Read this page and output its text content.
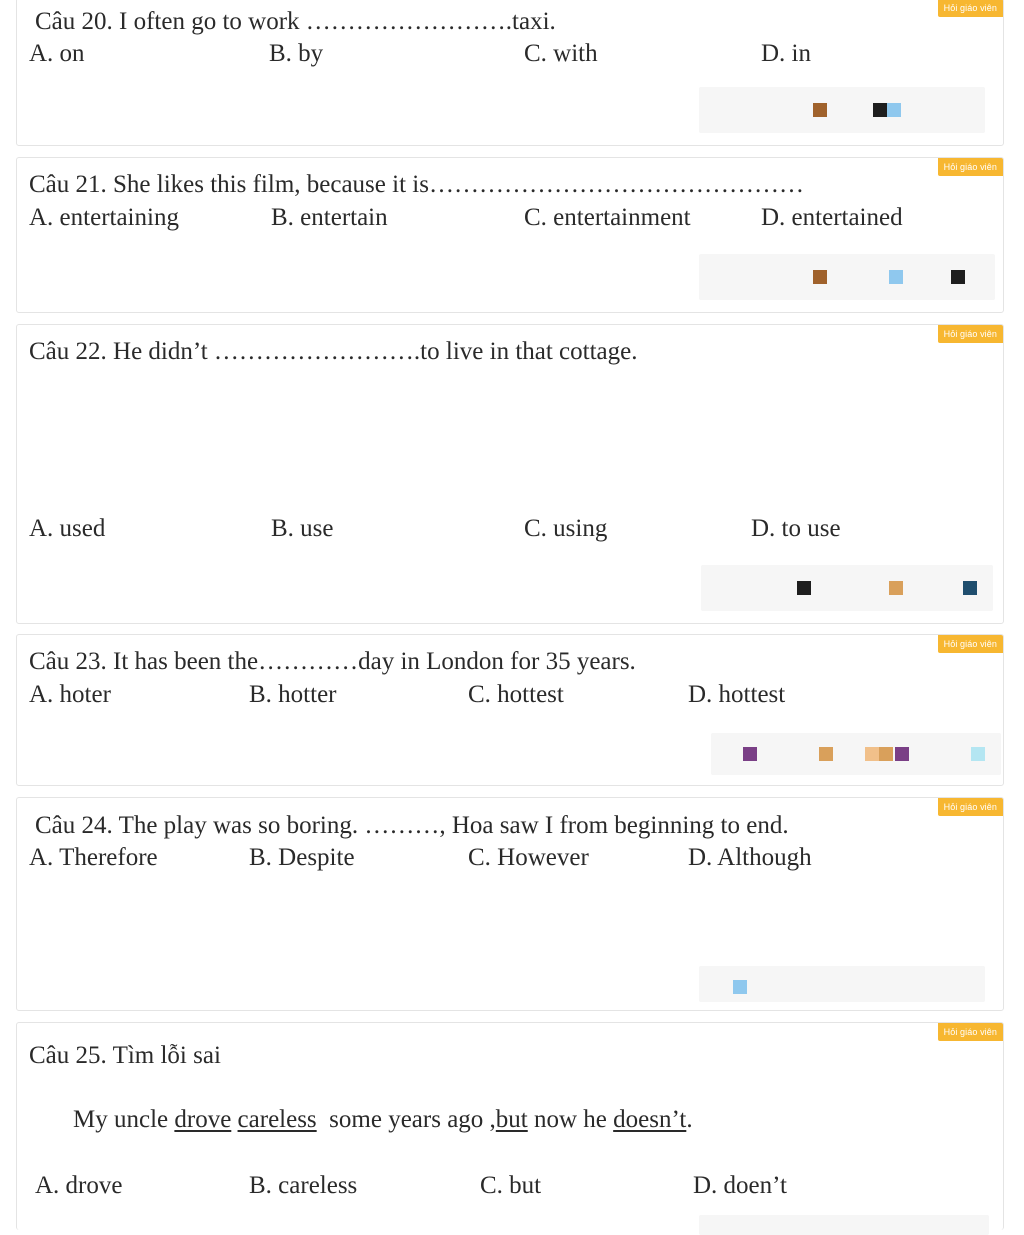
Hỏi giáo viên
Câu 20. I often go to work …………………….taxi.
A. on	B. by	C. with	D. in
Hỏi giáo viên
Câu 21. She likes this film, because it is………………………………………
A. entertaining	B. entertain	C. entertainment	D. entertained
Hỏi giáo viên
Câu 22. He didn’t …………………….to live in that cottage.
A. used	B. use	C. using	D. to use
Hỏi giáo viên
Câu 23. It has been the…………day in London for 35 years.
A. hoter	B. hotter	C. hottest	D. hottest
Hỏi giáo viên
Câu 24. The play was so boring. ………, Hoa saw I from beginning to end.
A. Therefore	B. Despite	C. However	D. Although
Hỏi giáo viên
Câu 25. Tìm lỗi sai
My uncle drove careless  some years ago ,but now he doesn’t.
A. drove	B. careless	C. but	D. doen’t
